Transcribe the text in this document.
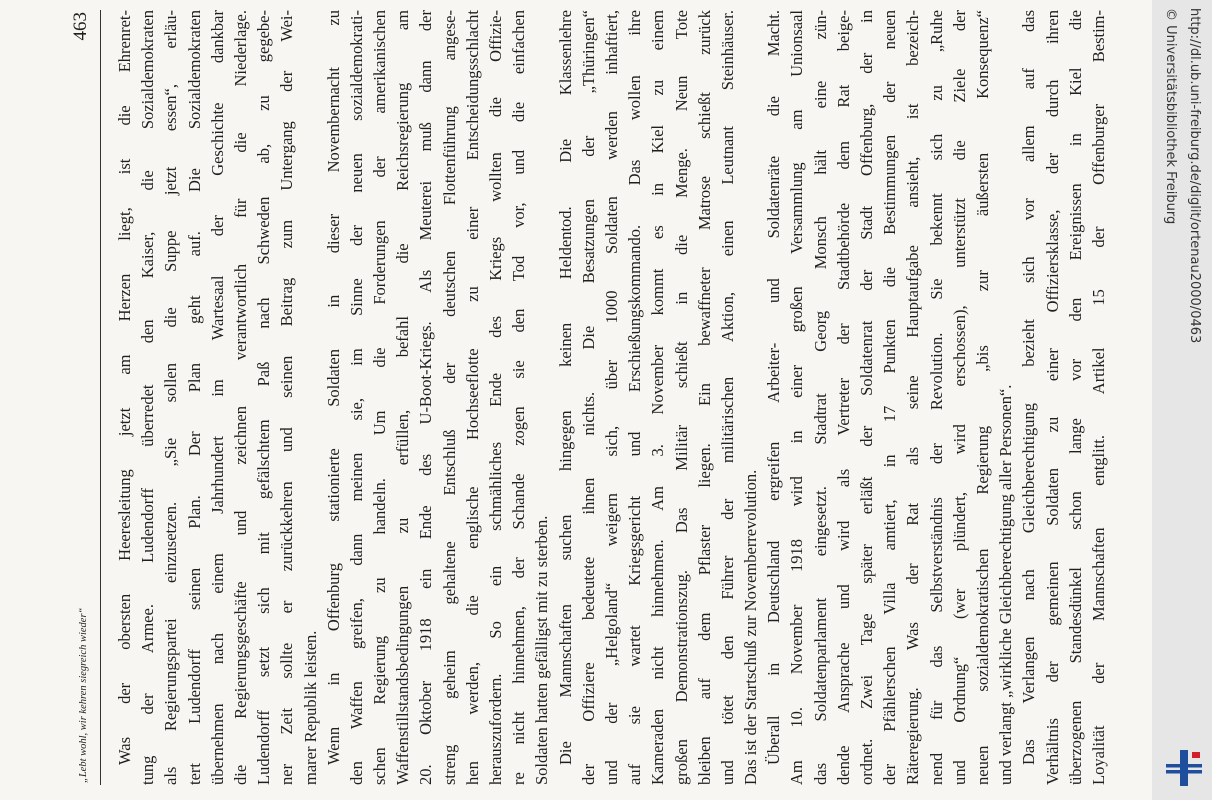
„Lebt wohl, wir kehren siegreich wieder“
463 Was der obersten Heeresleitung jetzt am Herzen liegt, ist die Ehrenret- tung der Armee. Ludendorff überredet den Kaiser, die Sozialdemokraten als Regierungspartei einzusetzen. „Sie sollen die Suppe jetzt essen“, erläu- tert Ludendorff seinen Plan. Der Plan geht auf. Die Sozialdemokraten übernehmen nach einem Jahrhundert im Wartesaal der Geschichte dankbar die Regierungsgeschäfte und zeichnen verantwortlich für die Niederlage. Ludendorff setzt sich mit gefälschtem Paß nach Schweden ab, zu gegebe- ner Zeit sollte er zurückkehren und seinen Beitrag zum Untergang der Wei- marer Republik leisten. Wenn in Offenburg stationierte Soldaten in dieser Novembernacht zu den Waffen greifen, dann meinen sie, im Sinne der neuen sozialdemokrati- schen Regierung zu handeln. Um die Forderungen der amerikanischen Waffenstillstandsbedingungen zu erfüllen, befahl die Reichsregierung am 20. Oktober 1918 ein Ende des U-Boot-Kriegs. Als Meuterei muß dann der streng geheim gehaltene Entschluß der deutschen Flottenführung angese- hen werden, die englische Hochseeflotte zu einer Entscheidungsschlacht herauszufordern. So ein schmähliches Ende des Kriegs wollten die Offizie- re nicht hinnehmen, der Schande zogen sie den Tod vor, und die einfachen Soldaten hatten gefälligst mit zu sterben. Die Mannschaften suchen hingegen keinen Heldentod. Die Klassenlehre der Offiziere bedeutete ihnen nichts. Die Besatzungen der „Thüringen“ und der „Helgoland“ weigern sich, über 1000 Soldaten werden inhaftiert, auf sie wartet Kriegsgericht und Erschießungskommando. Das wollen ihre Kameraden nicht hinnehmen. Am 3. November kommt es in Kiel zu einem großen Demonstrationszug. Das Militär schießt in die Menge. Neun Tote bleiben auf dem Pflaster liegen. Ein bewaffneter Matrose schießt zurück und tötet den Führer der militärischen Aktion, einen Leutnant Steinhäuser. Das ist der Startschuß zur Novemberrevolution. Überall in Deutschland ergreifen Arbeiter- und Soldatenräte die Macht. Am 10. November 1918 wird in einer großen Versammlung am Unionsaal das Soldatenparlament eingesetzt. Stadtrat Georg Monsch hält eine zün- dende Ansprache und wird als Vertreter der Stadtbehörde dem Rat beige- ordnet. Zwei Tage später erläßt der Soldatenrat der Stadt Offenburg, der in der Pfählerschen Villa amtiert, in 17 Punkten die Bestimmungen der neuen Räteregierung. Was der Rat als seine Hauptaufgabe ansieht, ist bezeich- nend für das Selbstverständnis der Revolution. Sie bekennt sich zu „Ruhe und Ordnung“ (wer plündert, wird erschossen), unterstützt die Ziele der neuen sozialdemokratischen Regierung „bis zur äußersten Konsequenz“ und verlangt „wirkliche Gleichberechtigung aller Personen“. Das Verlangen nach Gleichberechtigung bezieht sich vor allem auf das Verhältnis der gemeinen Soldaten zu einer Offiziersklasse, der durch ihren überzogenen Standesdünkel schon lange vor den Ereignissen in Kiel die Loyalität der Mannschaften entglitt. Artikel 15 der Offenburger Bestim-	http://dl.ub.uni-freiburg.de/diglit/ortenau2000/0463
© Universitätsbibliothek Freiburg
